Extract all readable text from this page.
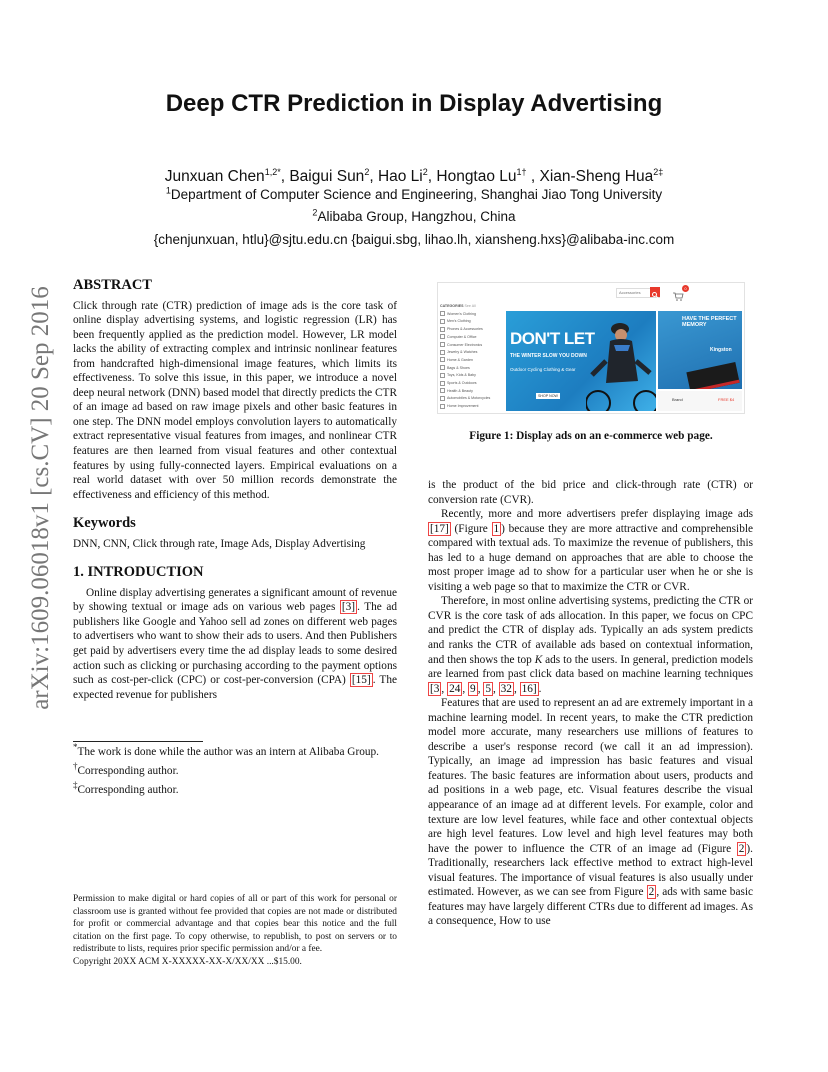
Deep CTR Prediction in Display Advertising
Junxuan Chen$^{1,2*}$, Baigui Sun$^2$, Hao Li$^2$, Hongtao $Lu^{1\dagger}$ , Xian-Sheng Hua$^{2\ddagger}$
$^1$Department of Computer Science and Engineering, Shanghai Jiao Tong University
$^2$Alibaba Group, Hangzhou, China
{chenjunxuan, htlu}@sjtu.edu.cn {baigui.sbg, lihao.lh, xiansheng.hxs}@alibaba-inc.com
arXiv:1609.06018v1 [cs.CV] 20 Sep 2016
ABSTRACT

Click through rate (CTR) prediction of image ads is the core task of online display advertising systems, and logistic regression (LR) has been frequently applied as the prediction model. However, LR model lacks the ability of extracting complex and intrinsic nonlinear features from handcrafted high-dimensional image features, which limits its effectiveness. To solve this issue, in this paper, we introduce a novel deep neural network (DNN) based model that directly predicts the CTR of an image ad based on raw image pixels and other basic features in one step. The DNN model employs convolution layers to automatically extract representative visual features from images, and nonlinear CTR features are then learned from visual features and other contextual features by using fully-connected layers. Empirical evaluations on a real world dataset with over 50 million records demonstrate the effectiveness and efficiency of this method.

Keywords

DNN, CNN, Click through rate, Image Ads, Display Advertising

1. INTRODUCTION

Online display advertising generates a significant amount of revenue by showing textual or image ads on various web pages [3] . The ad publishers like Google and Yahoo sell ad zones on different web pages to advertisers who want to show their ads to users. And then Publishers get paid by advertisers every time the ad display leads to some desired action such as clicking or purchasing according to the payment options such as cost-per-click (CPC) or cost-per-conversion (CPA) [15] . The expected revenue for publishers

*The work is done while the author was an intern at Alibaba Group.

†Corresponding author.

‡Corresponding author.

Permission to make digital or hard copies of all or part of this work for personal or classroom use is granted without fee provided that copies are not made or distributed for profit or commercial advantage and that copies bear this notice and the full citation on the first page. To copy otherwise, to republish, to post on servers or to redistribute to lists, requires prior specific permission and/or a fee.
Copyright 20XX ACM X-XXXXX-XX-X/XX/XX ...$15.00.
Accessories
0
CATEGORIES See All
Women's Clothing
Men's Clothing
Phones & Accessories
Computer & Office
Consumer Electronics
Jewelry & Watches
Home & Garden
Bags & Shoes
Toys, Kids & Baby
Sports & Outdoors
Health & Beauty
Automobiles & Motorcycles
Home Improvement
DON'T LET
THE WINTER SLOW YOU DOWN
Outdoor Cycling Clothing & Gear
SHOP NOW
HAVE THE PERFECT MEMORY
Kingston
Brand	FREE $4
Figure 1: Display ads on an e-commerce web page.

is the product of the bid price and click-through rate (CTR) or conversion rate (CVR).

Recently, more and more advertisers prefer displaying image ads [17] (Figure 1 ) because they are more attractive and comprehensible compared with textual ads. To maximize the revenue of publishers, this has led to a huge demand on approaches that are able to choose the most proper image ad to show for a particular user when he or she is visiting a web page so that to maximize the CTR or CVR.

Therefore, in most online advertising systems, predicting the CTR or CVR is the core task of ads allocation. In this paper, we focus on CPC and predict the CTR of display ads. Typically an ads system predicts and ranks the CTR of available ads based on contextual information, and then shows the top K ads to the users. In general, prediction models are learned from past click data based on machine learning techniques [3 , 24 , 9 , 5 , 32 , 16] .

Features that are used to represent an ad are extremely important in a machine learning model. In recent years, to make the CTR prediction model more accurate, many researchers use millions of features to describe a user's response record (we call it an ad impression). Typically, an image ad impression has basic features and visual features. The basic features are information about users, products and ad positions in a web page, etc. Visual features describe the visual appearance of an image ad at different levels. For example, color and texture are low level features, while face and other contextual objects are high level features. Low level and high level features may both have the power to influence the CTR of an image ad (Figure 2 ). Traditionally, researchers lack effective method to extract high-level visual features. The importance of visual features is also usually under estimated. However, as we can see from Figure 2 , ads with same basic features may have largely different CTRs due to different ad images. As a consequence, How to use
